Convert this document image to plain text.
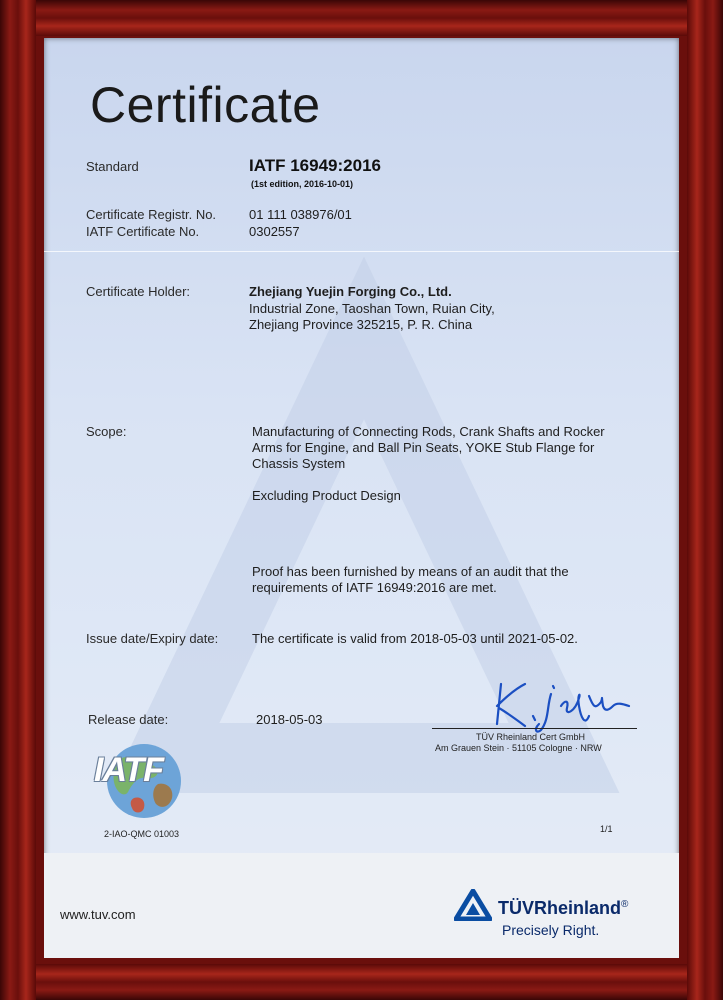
Certificate
Standard	IATF 16949:2016
(1st edition, 2016-10-01)
Certificate Registr. No.	01 111 038976/01
IATF Certificate No.	0302557
Certificate Holder:	Zhejiang Yuejin Forging Co., Ltd.
Industrial Zone, Taoshan Town, Ruian City,
Zhejiang Province 325215, P. R. China
Scope:	Manufacturing of Connecting Rods, Crank Shafts and Rocker
Arms for Engine, and Ball Pin Seats, YOKE Stub Flange for
Chassis System
Excluding Product Design
Proof has been furnished by means of an audit that the
requirements of IATF 16949:2016 are met.
Issue date/Expiry date:	The certificate is valid from 2018-05-03 until 2021-05-02.
Release date:	2018-05-03
TÜV Rheinland Cert GmbH
Am Grauen Stein · 51105 Cologne · NRW
IATF
2-IAO-QMC 01003	1/1
www.tuv.com	TÜVRheinland®
Precisely Right.
